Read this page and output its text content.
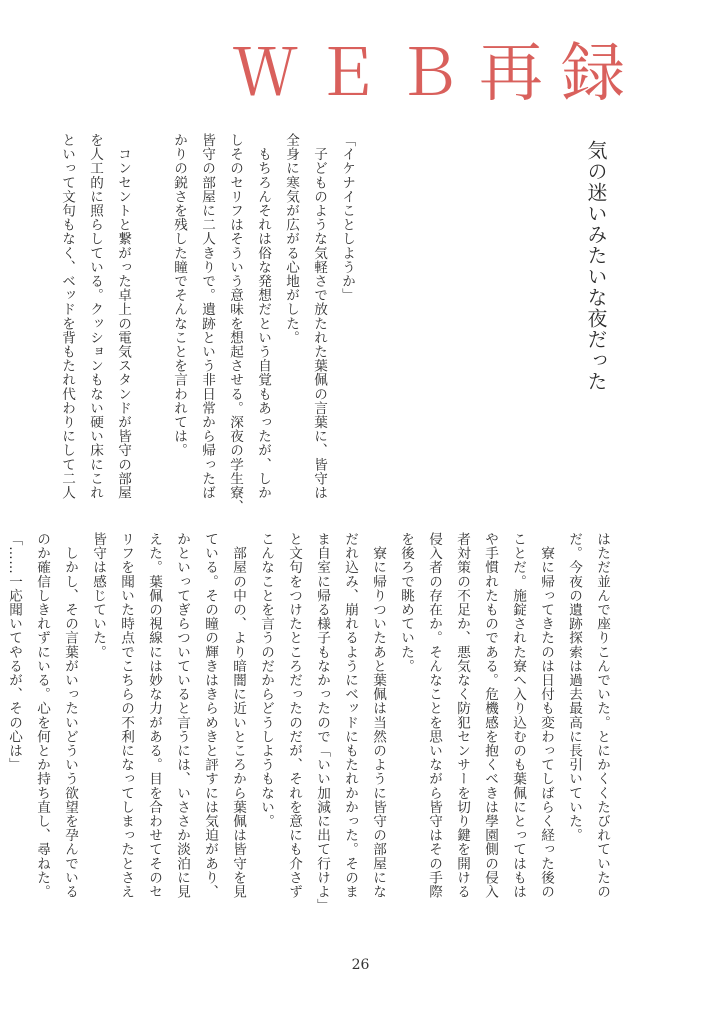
ＷＥＢ再録
気の迷いみたいな夜だった
「イケナイことしようか」
　子どものような気軽さで放たれた葉佩の言葉に、皆守は
全身に寒気が広がる心地がした。
　もちろんそれは俗な発想だという自覚もあったが、しか
しそのセリフはそういう意味を想起させる。深夜の学生寮、
皆守の部屋に二人きりで。遺跡という非日常から帰ったば
かりの鋭さを残した瞳でそんなことを言われては。

　コンセントと繋がった卓上の電気スタンドが皆守の部屋
を人工的に照らしている。クッションもない硬い床にこれ
といって文句もなく、ベッドを背もたれ代わりにして二人
はただ並んで座りこんでいた。とにかくくたびれていたの
だ。今夜の遺跡探索は過去最高に長引いていた。
　寮に帰ってきたのは日付も変わってしばらく経った後の
ことだ。施錠された寮へ入り込むのも葉佩にとってはもは
や手慣れたものである。危機感を抱くべきは學園側の侵入
者対策の不足か、悪気なく防犯センサーを切り鍵を開ける
侵入者の存在か。そんなことを思いながら皆守はその手際
を後ろで眺めていた。
　寮に帰りついたあと葉佩は当然のように皆守の部屋にな
だれ込み、崩れるようにベッドにもたれかかった。そのま
ま自室に帰る様子もなかったので「いい加減に出て行けよ」
と文句をつけたところだったのだが、それを意にも介さず
こんなことを言うのだからどうしようもない。
　部屋の中の、より暗闇に近いところから葉佩は皆守を見
ている。その瞳の輝きはきらめきと評すには気迫があり、
かといってぎらついていると言うには、いささか淡泊に見
えた。葉佩の視線には妙な力がある。目を合わせてそのセ
リフを聞いた時点でこちらの不利になってしまったとさえ
皆守は感じていた。
　しかし、その言葉がいったいどういう欲望を孕んでいる
のか確信しきれずにいる。心を何とか持ち直し、尋ねた。
「……一応聞いてやるが、その心は」
26
